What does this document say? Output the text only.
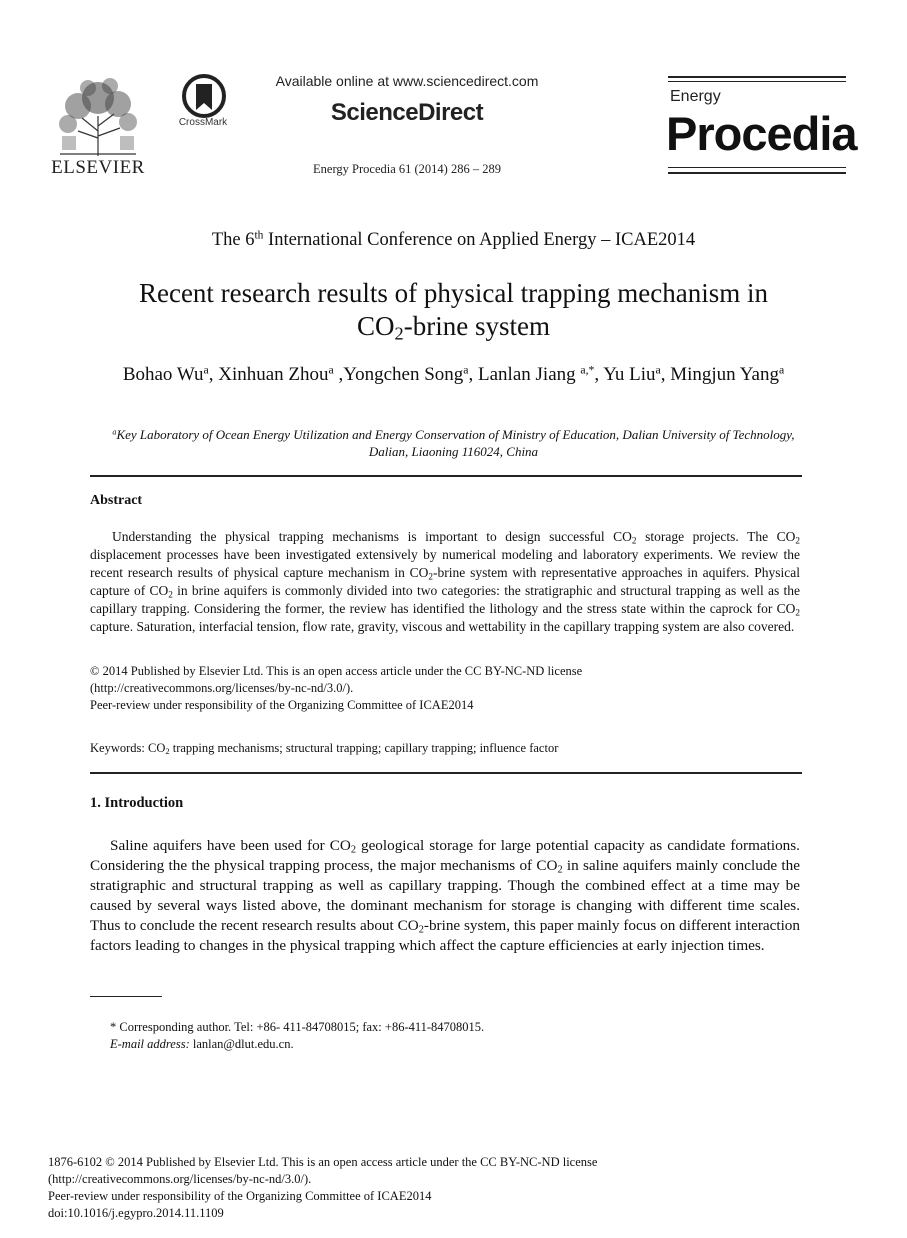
ELSEVIER
CrossMark
Available online at www.sciencedirect.com
ScienceDirect
Energy Procedia 61 (2014) 286 – 289
Energy
Procedia
The 6th International Conference on Applied Energy – ICAE2014
Recent research results of physical trapping mechanism in
$CO_2$-brine system
Bohao Wu$^a$, Xinhuan Zhou$^a$ ,Yongchen Song$^a$, Lanlan Jiang $^{a,*}$, Yu Liu$^a$, Mingjun Yang$^a$
$^a$Key Laboratory of Ocean Energy Utilization and Energy Conservation of Ministry of Education, Dalian University of Technology,
Dalian, Liaoning 116024, China
Abstract
Understanding the physical trapping mechanisms is important to design successful $CO_2$ storage projects. The $CO_2$ displacement processes have been investigated extensively by numerical modeling and laboratory experiments. We review the recent research results of physical capture mechanism in $CO_2$-brine system with representative approaches in aquifers. Physical capture of $CO_2$ in brine aquifers is commonly divided into two categories: the stratigraphic and structural trapping as well as the capillary trapping. Considering the former, the review has identified the lithology and the stress state within the caprock for $CO_2$ capture. Saturation, interfacial tension, flow rate, gravity, viscous and wettability in the capillary trapping system are also covered.
© 2014 Published by Elsevier Ltd. This is an open access article under the CC BY-NC-ND license
(http://creativecommons.org/licenses/by-nc-nd/3.0/).
Peer-review under responsibility of the Organizing Committee of ICAE2014
Keywords: $CO_2$ trapping mechanisms; structural trapping; capillary trapping; influence factor
1. Introduction
Saline aquifers have been used for $CO_2$ geological storage for large potential capacity as candidate formations. Considering the the physical trapping process, the major mechanisms of $CO_2$ in saline aquifers mainly conclude the stratigraphic and structural trapping as well as capillary trapping. Though the combined effect at a time may be caused by several ways listed above, the dominant mechanism for storage is changing with different time scales. Thus to conclude the recent research results about $CO_2$-brine system, this paper mainly focus on different interaction factors leading to changes in the physical trapping which affect the capture efficiencies at early injection times.
* Corresponding author. Tel: +86- 411-84708015; fax: +86-411-84708015.
E-mail address: lanlan@dlut.edu.cn.
1876-6102 © 2014 Published by Elsevier Ltd. This is an open access article under the CC BY-NC-ND license
(http://creativecommons.org/licenses/by-nc-nd/3.0/).
Peer-review under responsibility of the Organizing Committee of ICAE2014
doi:10.1016/j.egypro.2014.11.1109
